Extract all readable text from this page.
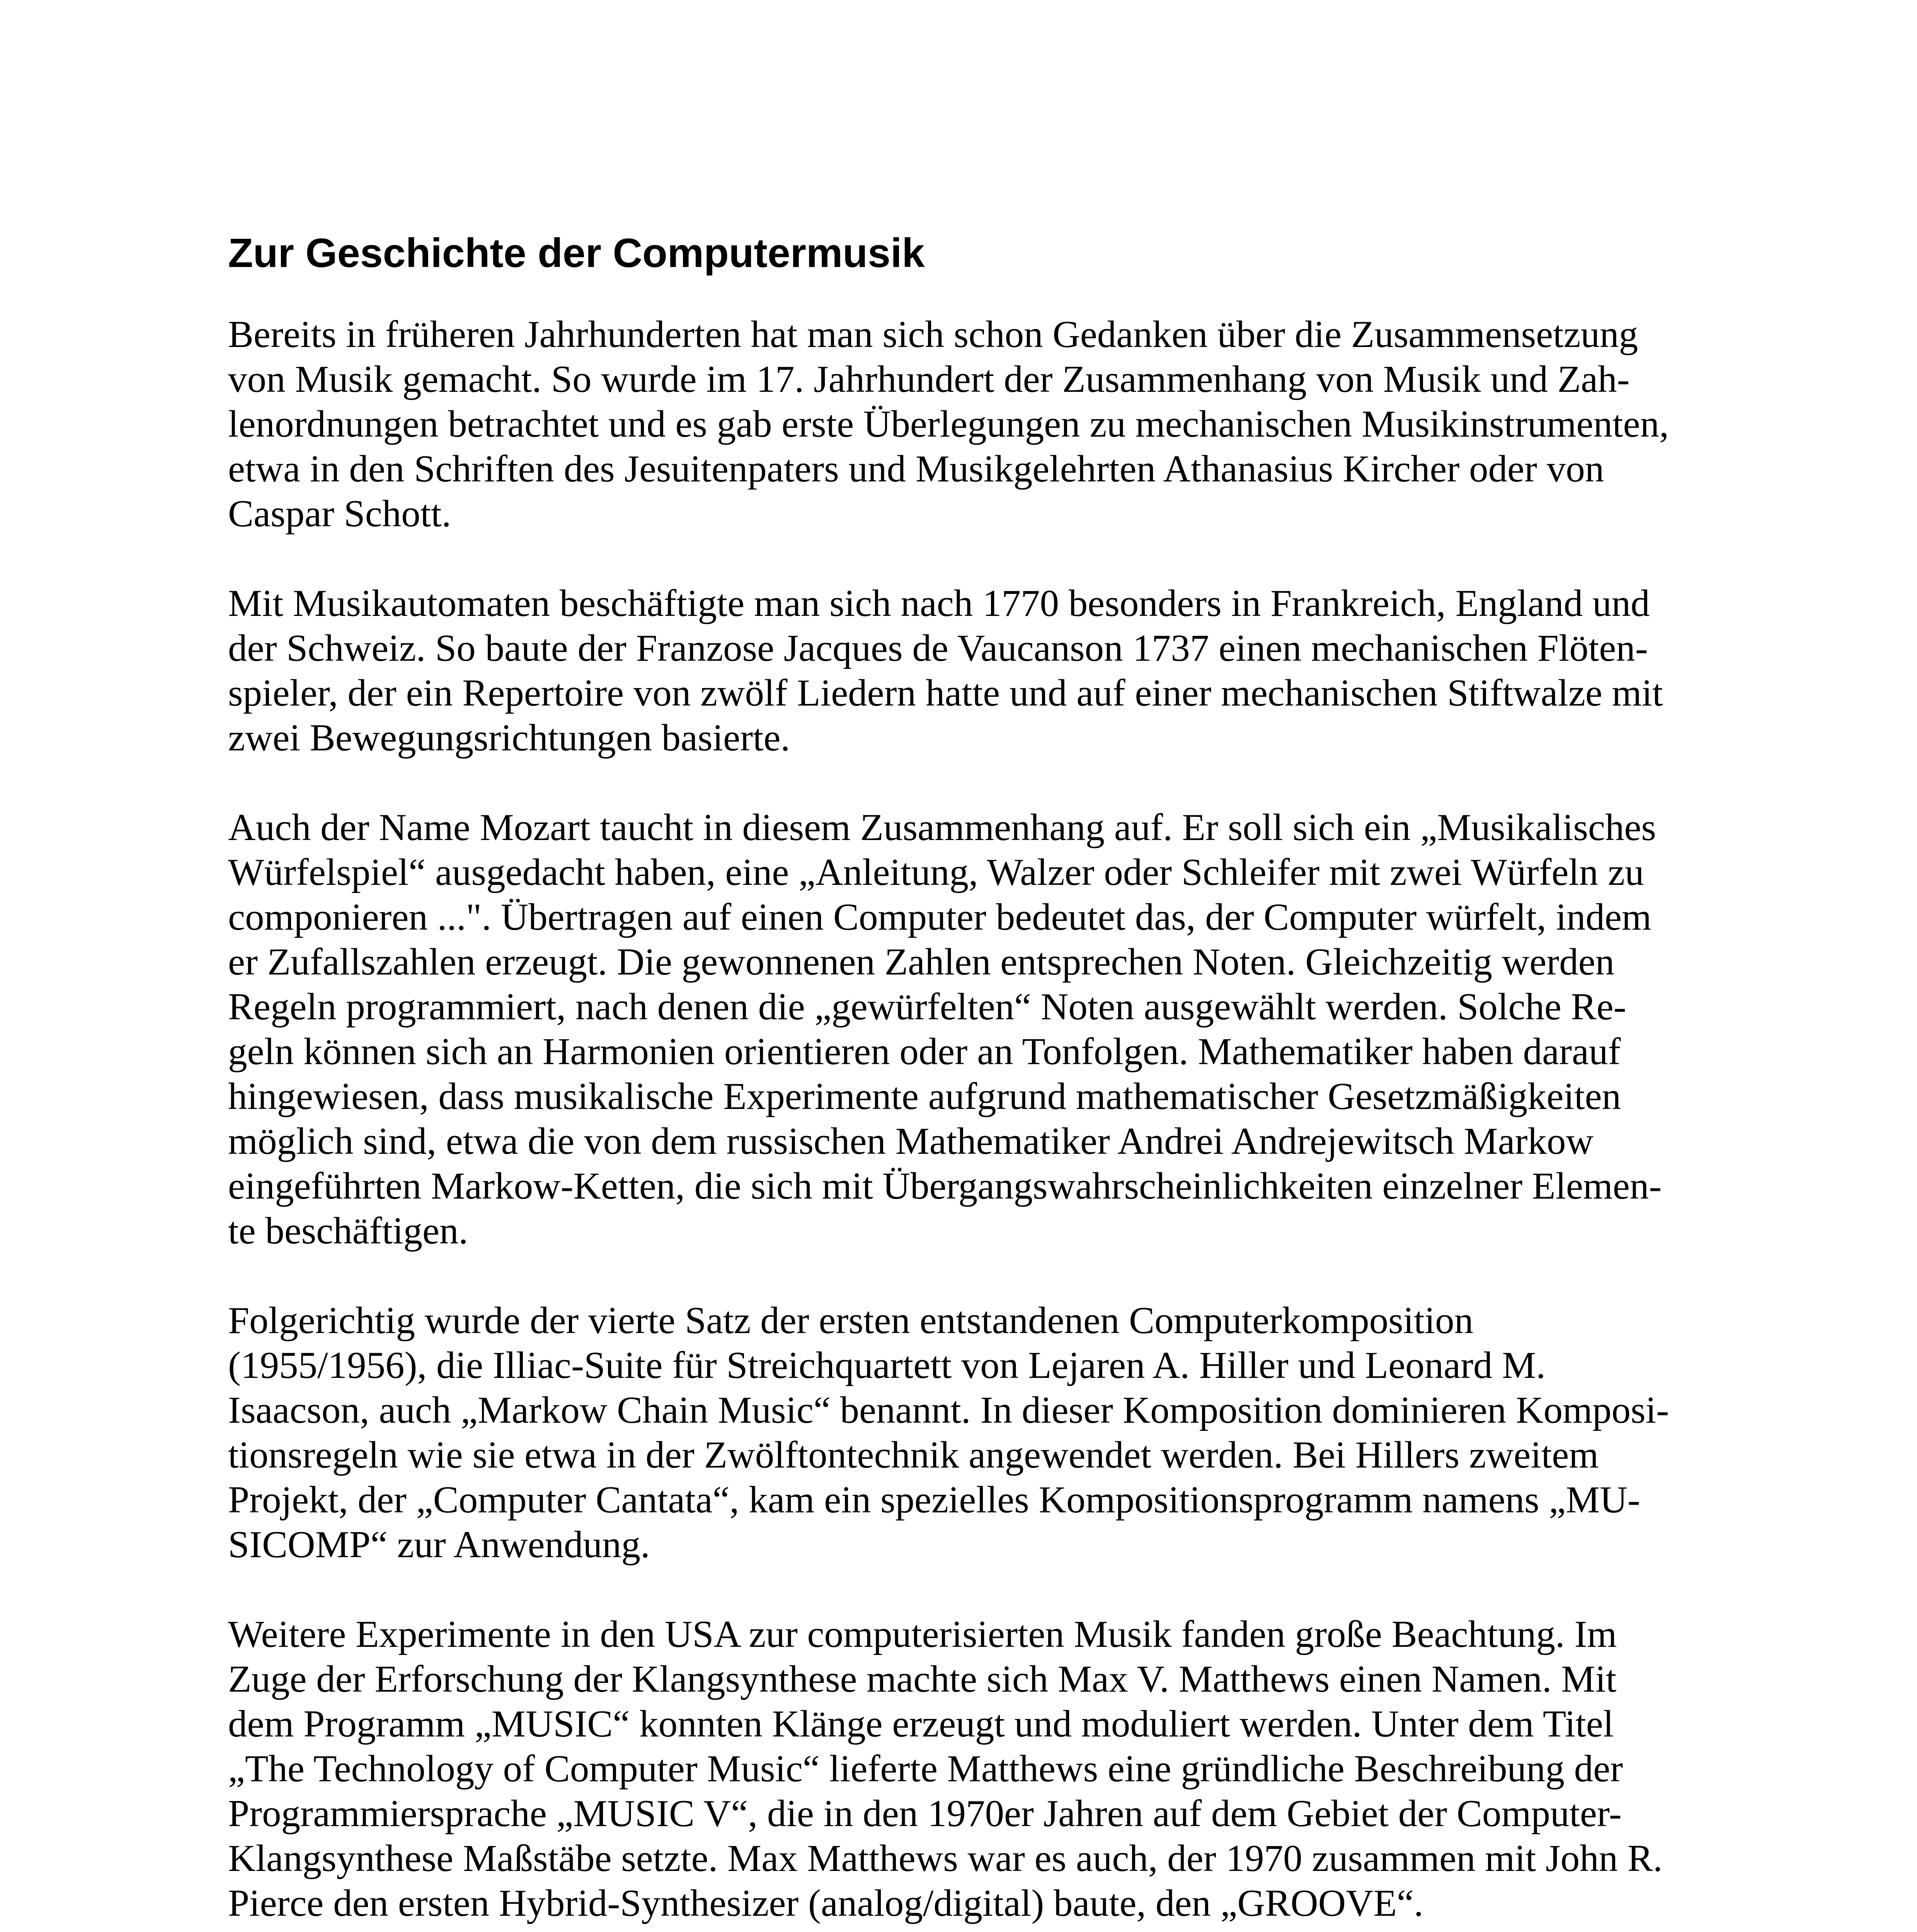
Zur Geschichte der Computermusik
Bereits in früheren Jahrhunderten hat man sich schon Gedanken über die Zusammensetzung
von Musik gemacht. So wurde im 17. Jahrhundert der Zusammenhang von Musik und Zah-
lenordnungen betrachtet und es gab erste Überlegungen zu mechanischen Musikinstrumenten,
etwa in den Schriften des Jesuitenpaters und Musikgelehrten Athanasius Kircher oder von
Caspar Schott.
Mit Musikautomaten beschäftigte man sich nach 1770 besonders in Frankreich, England und
der Schweiz. So baute der Franzose Jacques de Vaucanson 1737 einen mechanischen Flöten-
spieler, der ein Repertoire von zwölf Liedern hatte und auf einer mechanischen Stiftwalze mit
zwei Bewegungsrichtungen basierte.
Auch der Name Mozart taucht in diesem Zusammenhang auf. Er soll sich ein „Musikalisches
Würfelspiel“ ausgedacht haben, eine „Anleitung, Walzer oder Schleifer mit zwei Würfeln zu
componieren ...". Übertragen auf einen Computer bedeutet das, der Computer würfelt, indem
er Zufallszahlen erzeugt. Die gewonnenen Zahlen entsprechen Noten. Gleichzeitig werden
Regeln programmiert, nach denen die „gewürfelten“ Noten ausgewählt werden. Solche Re-
geln können sich an Harmonien orientieren oder an Tonfolgen. Mathematiker haben darauf
hingewiesen, dass musikalische Experimente aufgrund mathematischer Gesetzmäßigkeiten
möglich sind, etwa die von dem russischen Mathematiker Andrei Andrejewitsch Markow
eingeführten Markow-Ketten, die sich mit Übergangswahrscheinlichkeiten einzelner Elemen-
te beschäftigen.
Folgerichtig wurde der vierte Satz der ersten entstandenen Computerkomposition
(1955/1956), die Illiac-Suite für Streichquartett von Lejaren A. Hiller und Leonard M.
Isaacson, auch „Markow Chain Music“ benannt. In dieser Komposition dominieren Komposi-
tionsregeln wie sie etwa in der Zwölftontechnik angewendet werden. Bei Hillers zweitem
Projekt, der „Computer Cantata“, kam ein spezielles Kompositionsprogramm namens „MU-
SICOMP“ zur Anwendung.
Weitere Experimente in den USA zur computerisierten Musik fanden große Beachtung. Im
Zuge der Erforschung der Klangsynthese machte sich Max V. Matthews einen Namen. Mit
dem Programm „MUSIC“ konnten Klänge erzeugt und moduliert werden. Unter dem Titel
„The Technology of Computer Music“ lieferte Matthews eine gründliche Beschreibung der
Programmiersprache „MUSIC V“, die in den 1970er Jahren auf dem Gebiet der Computer-
Klangsynthese Maßstäbe setzte. Max Matthews war es auch, der 1970 zusammen mit John R.
Pierce den ersten Hybrid-Synthesizer (analog/digital) baute, den „GROOVE“.
